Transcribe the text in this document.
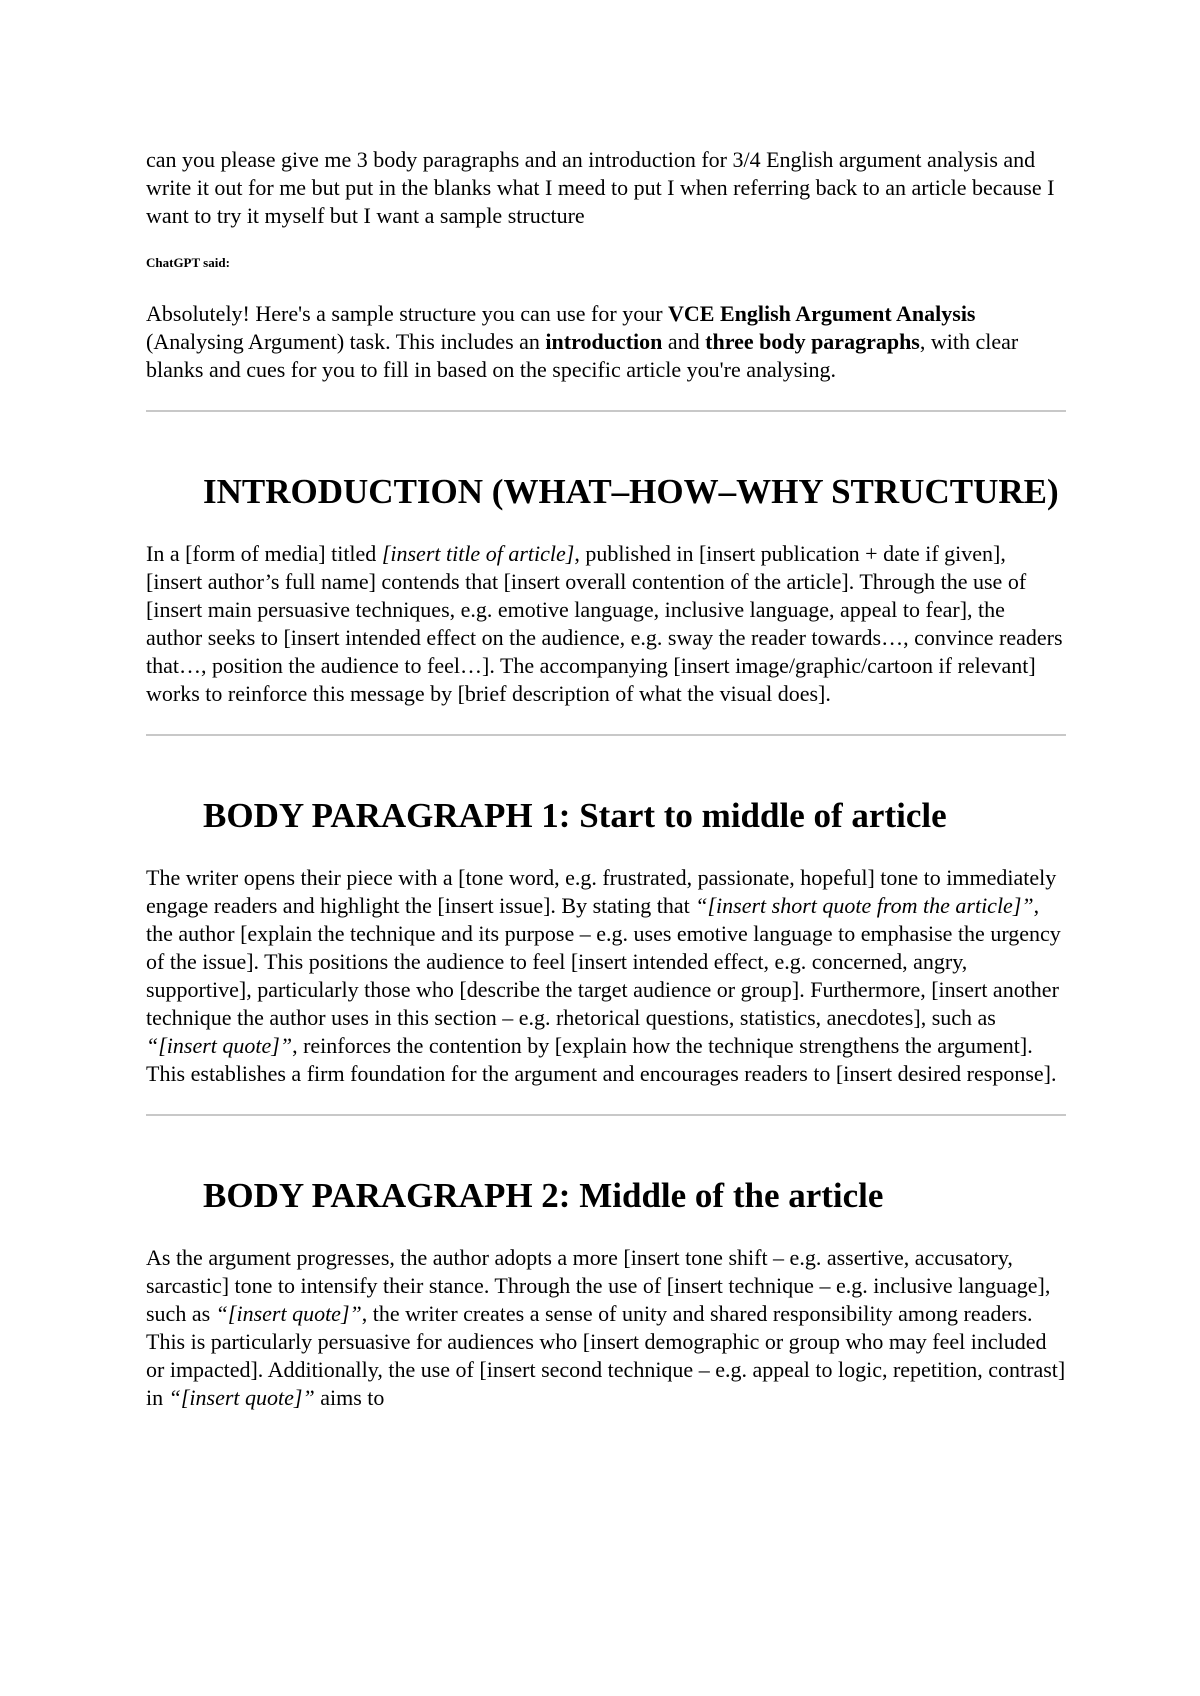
can you please give me 3 body paragraphs and an introduction for 3/4 English argument analysis and write it out for me but put in the blanks what I meed to put I when referring back to an article because I want to try it myself but I want a sample structure

ChatGPT said:

Absolutely! Here's a sample structure you can use for your VCE English Argument Analysis (Analysing Argument) task. This includes an introduction and three body paragraphs, with clear blanks and cues for you to fill in based on the specific article you're analysing.

INTRODUCTION (WHAT–HOW–WHY STRUCTURE)

In a [form of media] titled [insert title of article], published in [insert publication + date if given], [insert author’s full name] contends that [insert overall contention of the article]. Through the use of [insert main persuasive techniques, e.g. emotive language, inclusive language, appeal to fear], the author seeks to [insert intended effect on the audience, e.g. sway the reader towards…, convince readers that…, position the audience to feel…]. The accompanying [insert image/graphic/cartoon if relevant] works to reinforce this message by [brief description of what the visual does].

BODY PARAGRAPH 1: Start to middle of article

The writer opens their piece with a [tone word, e.g. frustrated, passionate, hopeful] tone to immediately engage readers and highlight the [insert issue]. By stating that “[insert short quote from the article]”, the author [explain the technique and its purpose – e.g. uses emotive language to emphasise the urgency of the issue]. This positions the audience to feel [insert intended effect, e.g. concerned, angry, supportive], particularly those who [describe the target audience or group]. Furthermore, [insert another technique the author uses in this section – e.g. rhetorical questions, statistics, anecdotes], such as “[insert quote]”, reinforces the contention by [explain how the technique strengthens the argument]. This establishes a firm foundation for the argument and encourages readers to [insert desired response].

BODY PARAGRAPH 2: Middle of the article

As the argument progresses, the author adopts a more [insert tone shift – e.g. assertive, accusatory, sarcastic] tone to intensify their stance. Through the use of [insert technique – e.g. inclusive language], such as “[insert quote]”, the writer creates a sense of unity and shared responsibility among readers. This is particularly persuasive for audiences who [insert demographic or group who may feel included or impacted]. Additionally, the use of [insert second technique – e.g. appeal to logic, repetition, contrast] in “[insert quote]” aims to
